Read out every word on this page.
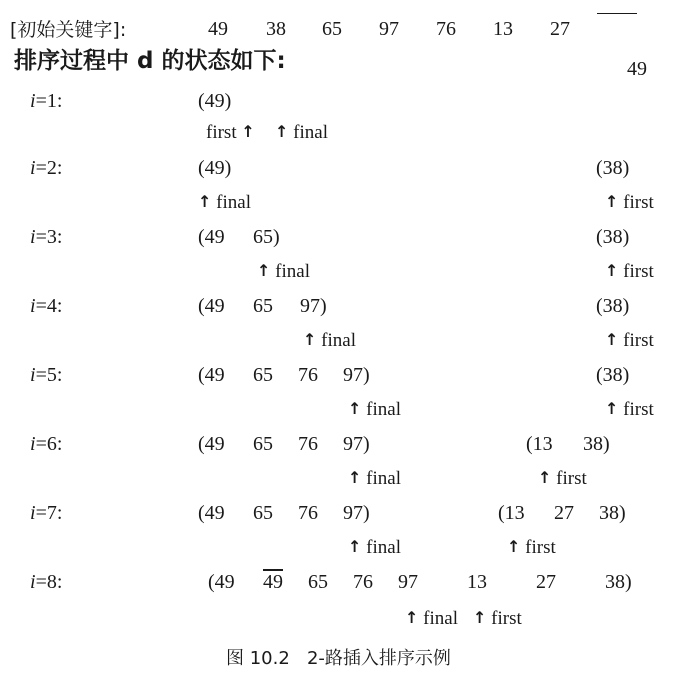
[初始关键字]:	49 38 65 97 76 13 27

49

排序过程中 d 的状态如下:
i=1:	(49)
first ↑ ↑ final
i=2:	(49)	(38)
↑ final	↑ first
i=3:	(49 65)	(38)
↑ final	↑ first
i=4:	(49 65 97)	(38)
↑ final	↑ first
i=5:	(49 65 76 97)	(38)
↑ final	↑ first
i=6:	(49 65 76 97)	(13 38)
↑ final	↑ first
i=7:	(49 65 76 97)	(13 27 38)
↑ final	↑ first
i=8:	(49 49 65 76 97 13 27 38)
↑ final ↑ first
图 10.2   2-路插入排序示例
